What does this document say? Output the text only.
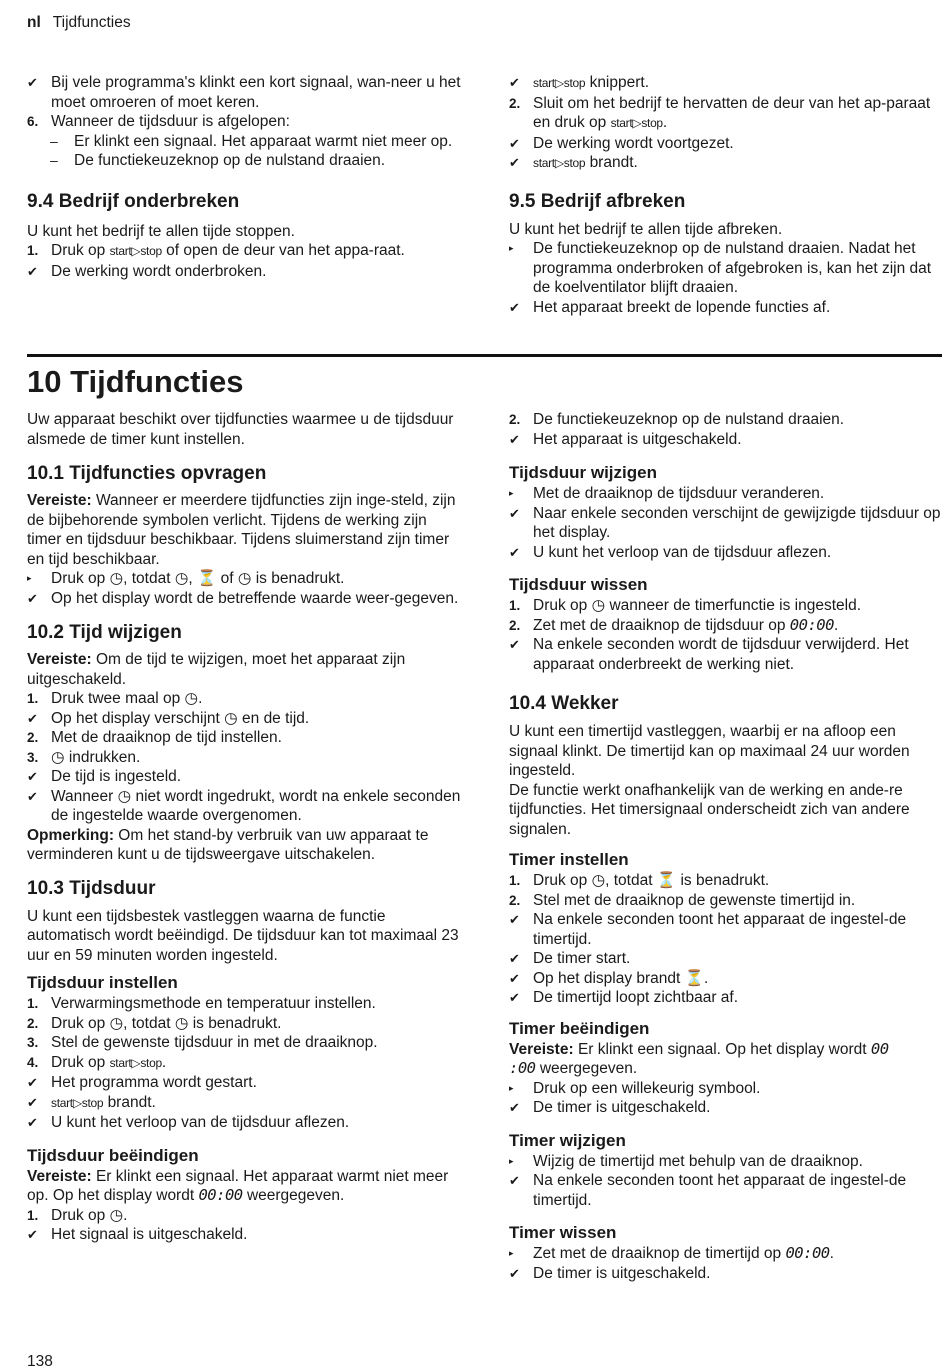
nl Tijdfuncties
✔ Bij vele programma's klinkt een kort signaal, wan-neer u het moet omroeren of moet keren.
6. Wanneer de tijdsduur is afgelopen:
–	Er klinkt een signaal. Het apparaat warmt niet meer op.
–	De functiekeuzeknop op de nulstand draaien.
9.4 Bedrijf onderbreken

U kunt het bedrijf te allen tijde stoppen.

1. Druk op start▷stop of open de deur van het appa-raat.
✔ De werking wordt onderbroken.
✔	start▷stop knippert.
2. Sluit om het bedrijf te hervatten de deur van het ap-paraat en druk op start▷stop.
✔ De werking wordt voortgezet.
✔	start▷stop brandt.
9.5 Bedrijf afbreken

U kunt het bedrijf te allen tijde afbreken.

▸	De functiekeuzeknop op de nulstand draaien. Nadat het programma onderbroken of afgebroken is, kan het zijn dat de koelventilator blijft draaien.
✔ Het apparaat breekt de lopende functies af.
10 Tijdfuncties

Uw apparaat beschikt over tijdfuncties waarmee u de tijdsduur alsmede de timer kunt instellen.

10.1 Tijdfuncties opvragen

Vereiste: Wanneer er meerdere tijdfuncties zijn inge-steld, zijn de bijbehorende symbolen verlicht. Tijdens de werking zijn timer en tijdsduur beschikbaar. Tijdens sluimerstand zijn timer en tijd beschikbaar.

▸	Druk op ◷, totdat ◷, ⏳ of ◷ is benadrukt.
✔ Op het display wordt de betreffende waarde weer-gegeven.
10.2 Tijd wijzigen

Vereiste: Om de tijd te wijzigen, moet het apparaat zijn uitgeschakeld.

1. Druk twee maal op ◷.
✔ Op het display verschijnt ◷ en de tijd.
2. Met de draaiknop de tijd instellen.
3. ◷ indrukken.
✔ De tijd is ingesteld.
✔ Wanneer ◷ niet wordt ingedrukt, wordt na enkele seconden de ingestelde waarde overgenomen.

Opmerking: Om het stand-by verbruik van uw apparaat te verminderen kunt u de tijdsweergave uitschakelen.

10.3 Tijdsduur

U kunt een tijdsbestek vastleggen waarna de functie automatisch wordt beëindigd. De tijdsduur kan tot maximaal 23 uur en 59 minuten worden ingesteld.

Tijdsduur instellen
1. Verwarmingsmethode en temperatuur instellen.
2. Druk op ◷, totdat ◷ is benadrukt.
3. Stel de gewenste tijdsduur in met de draaiknop.
4. Druk op start▷stop.
✔ Het programma wordt gestart.
✔	start▷stop brandt.
✔ U kunt het verloop van de tijdsduur aflezen.
Tijdsduur beëindigen

Vereiste: Er klinkt een signaal. Het apparaat warmt niet meer op. Op het display wordt 00:00 weergegeven.

1. Druk op ◷.
✔ Het signaal is uitgeschakeld.
2. De functiekeuzeknop op de nulstand draaien.
✔ Het apparaat is uitgeschakeld.
Tijdsduur wijzigen
▸	Met de draaiknop de tijdsduur veranderen.
✔ Naar enkele seconden verschijnt de gewijzigde tijdsduur op het display.
✔ U kunt het verloop van de tijdsduur aflezen.
Tijdsduur wissen
1. Druk op ◷ wanneer de timerfunctie is ingesteld.
2. Zet met de draaiknop de tijdsduur op 00:00.
✔ Na enkele seconden wordt de tijdsduur verwijderd. Het apparaat onderbreekt de werking niet.
10.4 Wekker

U kunt een timertijd vastleggen, waarbij er na afloop een signaal klinkt. De timertijd kan op maximaal 24 uur worden ingesteld.

De functie werkt onafhankelijk van de werking en ande-re tijdfuncties. Het timersignaal onderscheidt zich van andere signalen.

Timer instellen
1. Druk op ◷, totdat ⏳ is benadrukt.
2. Stel met de draaiknop de gewenste timertijd in.
✔ Na enkele seconden toont het apparaat de ingestel-de timertijd.
✔ De timer start.
✔ Op het display brandt ⏳.
✔ De timertijd loopt zichtbaar af.
Timer beëindigen

Vereiste: Er klinkt een signaal. Op het display wordt 00
:00 weergegeven.

▸	Druk op een willekeurig symbool.
✔ De timer is uitgeschakeld.
Timer wijzigen
▸	Wijzig de timertijd met behulp van de draaiknop.
✔ Na enkele seconden toont het apparaat de ingestel-de timertijd.
Timer wissen
▸	Zet met de draaiknop de timertijd op 00:00.
✔ De timer is uitgeschakeld.
138
